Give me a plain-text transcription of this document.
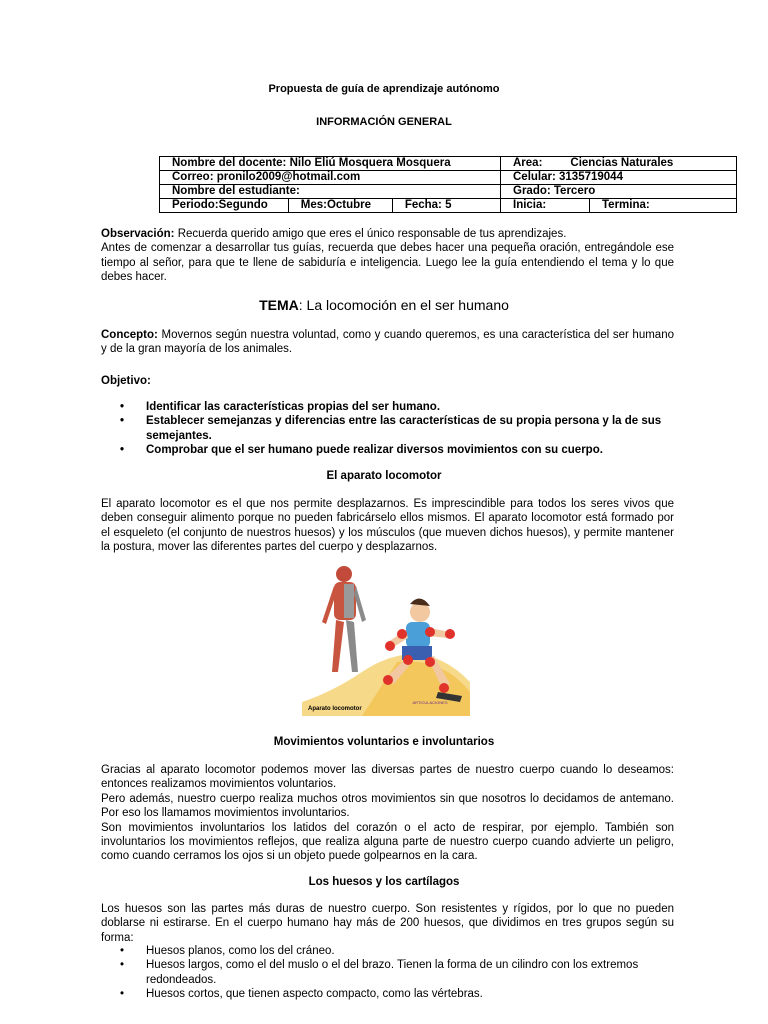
Propuesta de guía de aprendizaje autónomo
INFORMACIÓN GENERAL
Nombre del docente: Nilo Eliú Mosquera Mosquera			Área: Ciencias Naturales	
Correo: pronilo2009@hotmail.com			Celular: 3135719044	
Nombre del estudiante:			Grado: Tercero	
Periodo:Segundo	Mes:Octubre	Fecha: 5	Inicia:	Termina:

Observación: Recuerda querido amigo que eres el único responsable de tus aprendizajes.
Antes de comenzar a desarrollar tus guías, recuerda que debes hacer una pequeña oración, entregándole ese tiempo al señor, para que te llene de sabiduría e inteligencia. Luego lee la guía entendiendo el tema y lo que debes hacer.

TEMA: La locomoción en el ser humano

Concepto: Movernos según nuestra voluntad, como y cuando queremos, es una característica del ser humano y de la gran mayoría de los animales.

Objetivo:

• Identificar las características propias del ser humano.
• Establecer semejanzas y diferencias entre las características de su propia persona y la de sus semejantes.
• Comprobar que el ser humano puede realizar diversos movimientos con su cuerpo.
El aparato locomotor

El aparato locomotor es el que nos permite desplazarnos. Es imprescindible para todos los seres vivos que deben conseguir alimento porque no pueden fabricárselo ellos mismos. El aparato locomotor está formado por el esqueleto (el conjunto de nuestros huesos) y los músculos (que mueven dichos huesos), y permite mantener la postura, mover las diferentes partes del cuerpo y desplazarnos.

ARTICULACIONES
Aparato locomotor
Movimientos voluntarios e involuntarios

Gracias al aparato locomotor podemos mover las diversas partes de nuestro cuerpo cuando lo deseamos: entonces realizamos movimientos voluntarios.
Pero además, nuestro cuerpo realiza muchos otros movimientos sin que nosotros lo decidamos de antemano. Por eso los llamamos movimientos involuntarios.
Son movimientos involuntarios los latidos del corazón o el acto de respirar, por ejemplo. También son involuntarios los movimientos reflejos, que realiza alguna parte de nuestro cuerpo cuando advierte un peligro, como cuando cerramos los ojos si un objeto puede golpearnos en la cara.

Los huesos y los cartílagos

Los huesos son las partes más duras de nuestro cuerpo. Son resistentes y rígidos, por lo que no pueden doblarse ni estirarse. En el cuerpo humano hay más de 200 huesos, que dividimos en tres grupos según su forma:

• Huesos planos, como los del cráneo.
• Huesos largos, como el del muslo o el del brazo. Tienen la forma de un cilindro con los extremos redondeados.
• Huesos cortos, que tienen aspecto compacto, como las vértebras.
